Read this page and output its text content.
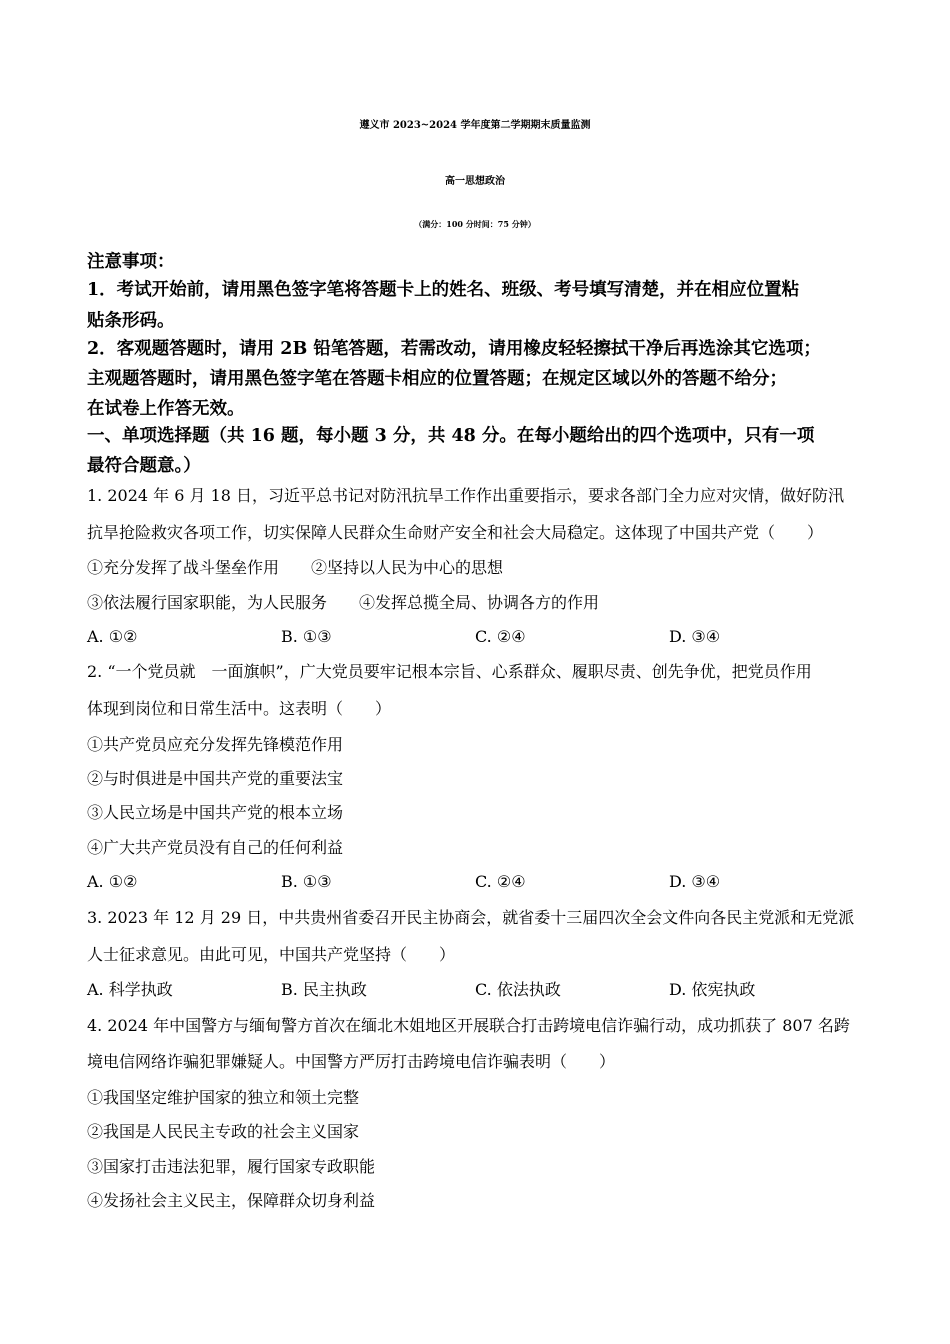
遵义市 2023~2024 学年度第二学期期末质量监测
高一思想政治
（满分：100 分时间：75 分钟）
注意事项：
1．考试开始前，请用黑色签字笔将答题卡上的姓名、班级、考号填写清楚，并在相应位置粘
贴条形码。
2．客观题答题时，请用 2B 铅笔答题，若需改动，请用橡皮轻轻擦拭干净后再选涂其它选项；
主观题答题时，请用黑色签字笔在答题卡相应的位置答题；在规定区域以外的答题不给分；
在试卷上作答无效。
一、单项选择题（共 16 题，每小题 3 分，共 48 分。在每小题给出的四个选项中，只有一项
最符合题意。）
1. 2024 年 6 月 18 日，习近平总书记对防汛抗旱工作作出重要指示，要求各部门全力应对灾情，做好防汛
抗旱抢险救灾各项工作，切实保障人民群众生命财产安全和社会大局稳定。这体现了中国共产党（　　）
①充分发挥了战斗堡垒作用　　②坚持以人民为中心的思想
③依法履行国家职能，为人民服务　　④发挥总揽全局、协调各方的作用
A. ①②	B. ①③	C. ②④	D. ③④
2. “一个党员就　一面旗帜”，广大党员要牢记根本宗旨、心系群众、履职尽责、创先争优，把党员作用
体现到岗位和日常生活中。这表明（　　）
①共产党员应充分发挥先锋模范作用
②与时俱进是中国共产党的重要法宝
③人民立场是中国共产党的根本立场
④广大共产党员没有自己的任何利益
A. ①②	B. ①③	C. ②④	D. ③④
3. 2023 年 12 月 29 日，中共贵州省委召开民主协商会，就省委十三届四次全会文件向各民主党派和无党派
人士征求意见。由此可见，中国共产党坚持（　　）
A. 科学执政	B. 民主执政	C. 依法执政	D. 依宪执政
4. 2024 年中国警方与缅甸警方首次在缅北木姐地区开展联合打击跨境电信诈骗行动，成功抓获了 807 名跨
境电信网络诈骗犯罪嫌疑人。中国警方严厉打击跨境电信诈骗表明（　　）
①我国坚定维护国家的独立和领土完整
②我国是人民民主专政的社会主义国家
③国家打击违法犯罪，履行国家专政职能
④发扬社会主义民主，保障群众切身利益
